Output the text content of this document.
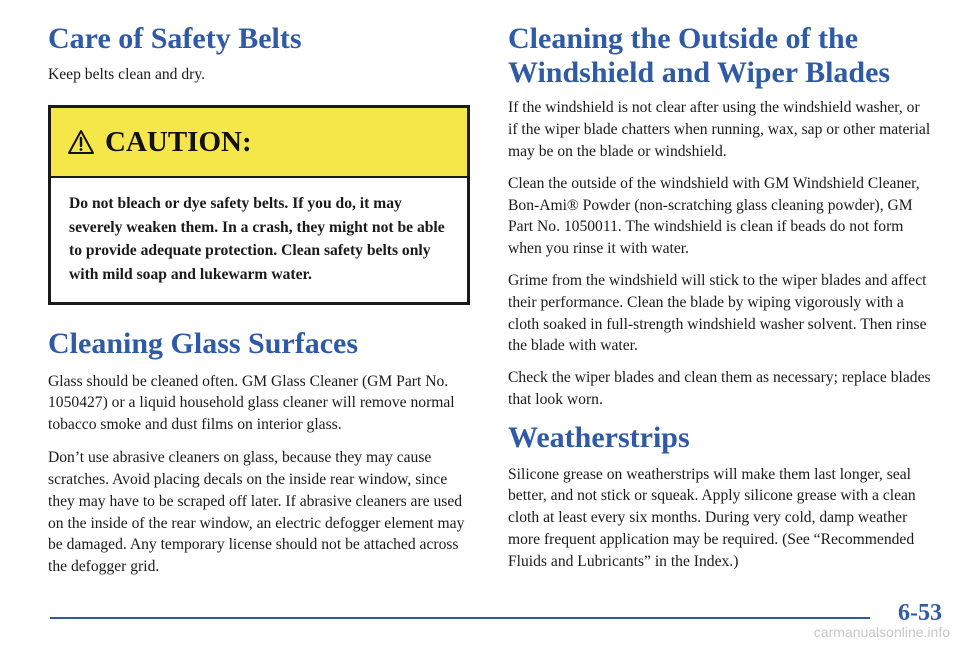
Care of Safety Belts

Keep belts clean and dry.

CAUTION:

Do not bleach or dye safety belts. If you do, it may severely weaken them. In a crash, they might not be able to provide adequate protection. Clean safety belts only with mild soap and lukewarm water.

Cleaning Glass Surfaces

Glass should be cleaned often. GM Glass Cleaner (GM Part No. 1050427) or a liquid household glass cleaner will remove normal tobacco smoke and dust films on interior glass.

Don’t use abrasive cleaners on glass, because they may cause scratches. Avoid placing decals on the inside rear window, since they may have to be scraped off later. If abrasive cleaners are used on the inside of the rear window, an electric defogger element may be damaged. Any temporary license should not be attached across the defogger grid.

Cleaning the Outside of the
Windshield and Wiper Blades

If the windshield is not clear after using the windshield washer, or if the wiper blade chatters when running, wax, sap or other material may be on the blade or windshield.

Clean the outside of the windshield with GM Windshield Cleaner, Bon-Ami® Powder (non-scratching glass cleaning powder), GM Part No. 1050011. The windshield is clean if beads do not form when you rinse it with water.

Grime from the windshield will stick to the wiper blades and affect their performance. Clean the blade by wiping vigorously with a cloth soaked in full-strength windshield washer solvent. Then rinse the blade with water.

Check the wiper blades and clean them as necessary; replace blades that look worn.

Weatherstrips

Silicone grease on weatherstrips will make them last longer, seal better, and not stick or squeak. Apply silicone grease with a clean cloth at least every six months. During very cold, damp weather more frequent application may be required. (See “Recommended Fluids and Lubricants” in the Index.)

6-53
carmanualsonline.info
